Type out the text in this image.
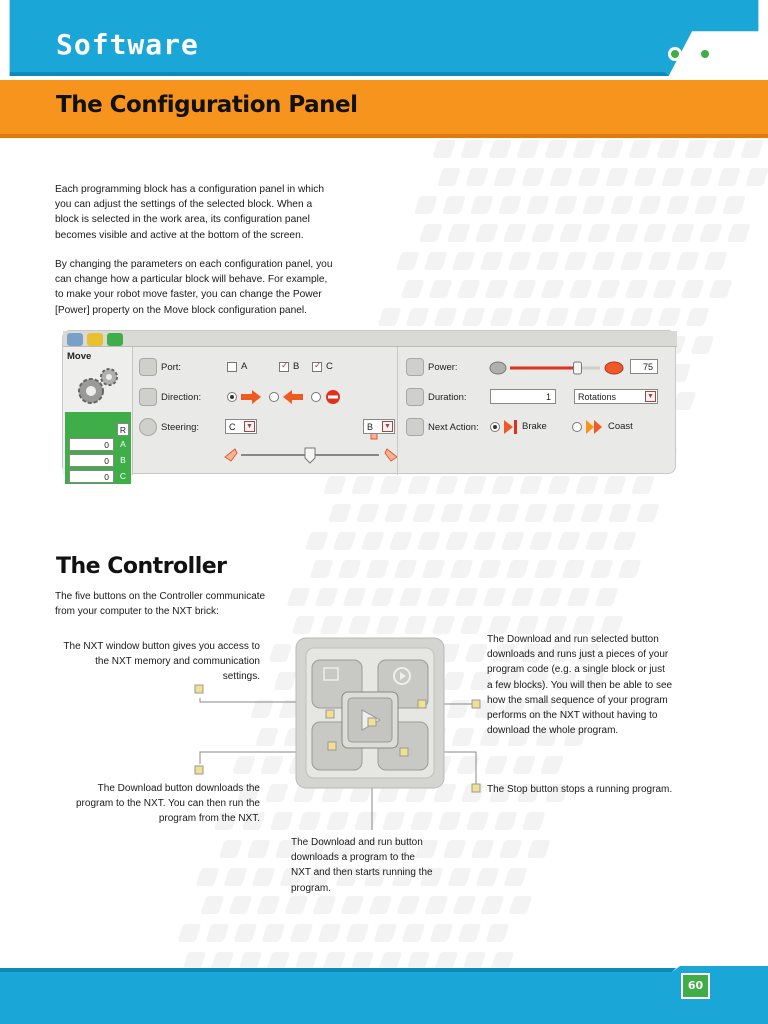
Software
The Configuration Panel
Each programming block has a configuration panel in which
you can adjust the settings of the selected block. When a
block is selected in the work area, its configuration panel
becomes visible and active at the bottom of the screen.
By changing the parameters on each configuration panel, you
can change how a particular block will behave. For example,
to make your robot move faster, you can change the Power
[Power] property on the Move block configuration panel.
Move
0	A
0	B
0	C
R
Port:	A ✓	B ✓	C
Direction:
Steering:	C ▼	B ▼
Power:	75
Duration:	1	Rotations	▼
Next Action:	Brake	Coast
The Controller
The five buttons on the Controller communicate
from your computer to the NXT brick:
The NXT window button gives you access to
the NXT memory and communication
settings.
The Download button downloads the
program to the NXT. You can then run the
program from the NXT.
The Download and run button
downloads a program to the
NXT and then starts running the
program.
The Download and run selected button
downloads and runs just a pieces of your
program code (e.g. a single block or just
a few blocks). You will then be able to see
how the small sequence of your program
performs on the NXT without having to
download the whole program.
The Stop button stops a running program.
60
